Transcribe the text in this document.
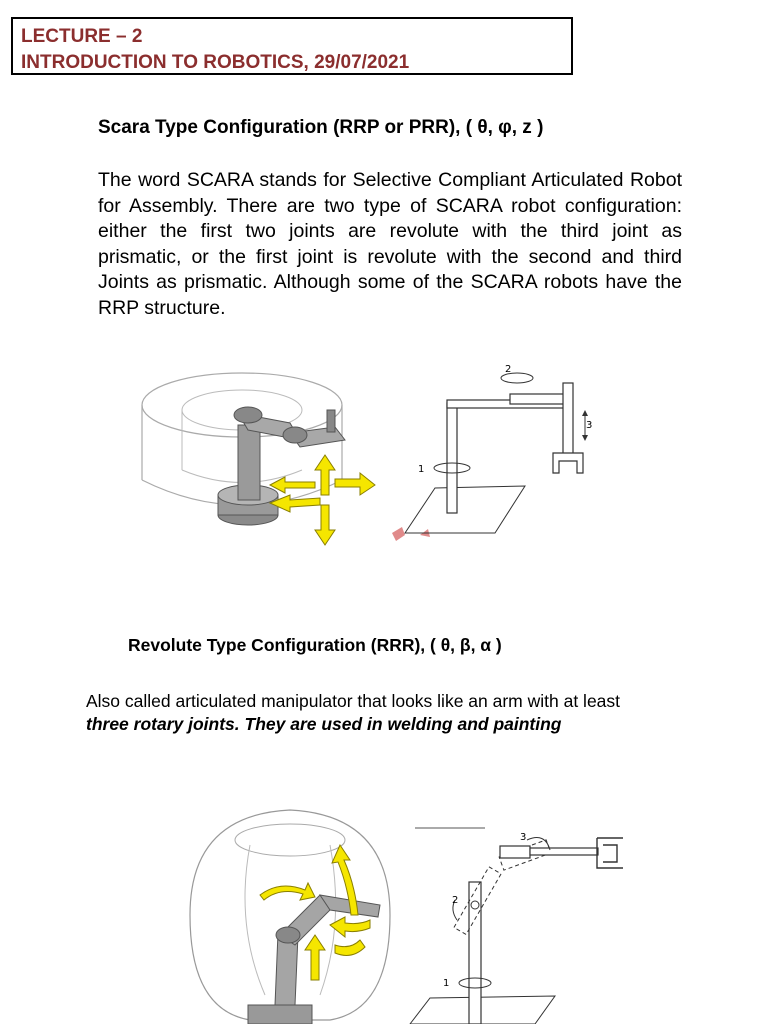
LECTURE – 2
INTRODUCTION TO ROBOTICS, 29/07/2021
Scara Type Configuration (RRP or PRR), ( θ, φ, z )
The word SCARA stands for Selective Compliant Articulated Robot for Assembly. There are two type of SCARA robot configuration: either the first two joints are revolute with the third joint as prismatic, or the first joint is revolute with the second and third Joints as prismatic. Although some of the SCARA robots have the RRP structure.
1
2
3
Revolute Type Configuration (RRR), ( θ, β, α )
Also called articulated manipulator that looks like an arm with at least
three rotary joints. They are used in welding and painting
1
2
3
